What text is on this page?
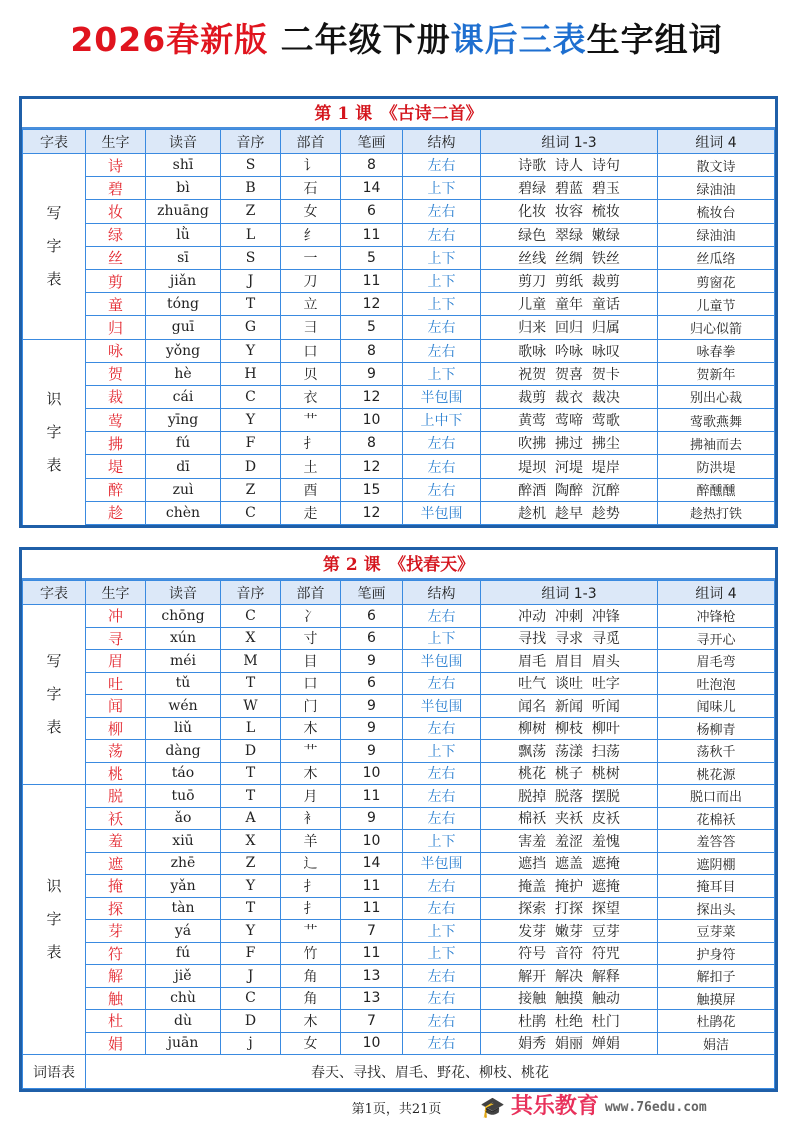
2026春新版 二年级下册课后三表生字组词
第 1 课　《古诗二首》
字表	生字	读音	音序	部首	笔画	结构	组词 1-3	组词 4

写
字
表	诗	shī	S	讠	8	左右	诗歌  诗人  诗句	散文诗
	碧	bì	B	石	14	上下	碧绿  碧蓝  碧玉	绿油油
	妆	zhuāng	Z	女	6	左右	化妆  妆容  梳妆	梳妆台
	绿	lǜ	L	纟	11	左右	绿色  翠绿  嫩绿	绿油油
	丝	sī	S	一	5	上下	丝线  丝绸  铁丝	丝瓜络
	剪	jiǎn	J	刀	11	上下	剪刀  剪纸  裁剪	剪窗花
	童	tóng	T	立	12	上下	儿童  童年  童话	儿童节
	归	guī	G	彐	5	左右	归来  回归  归属	归心似箭

识
字
表	咏	yǒng	Y	口	8	左右	歌咏  吟咏  咏叹	咏春拳
	贺	hè	H	贝	9	上下	祝贺  贺喜  贺卡	贺新年
	裁	cái	C	衣	12	半包围	裁剪  裁衣  裁决	别出心裁
	莺	yīng	Y	艹	10	上中下	黄莺  莺啼  莺歌	莺歌燕舞
	拂	fú	F	扌	8	左右	吹拂  拂过  拂尘	拂袖而去
	堤	dī	D	土	12	左右	堤坝  河堤  堤岸	防洪堤
	醉	zuì	Z	酉	15	左右	醉酒  陶醉  沉醉	醉醺醺
	趁	chèn	C	走	12	半包围	趁机  趁早  趁势	趁热打铁
第 2 课　《找春天》
字表	生字	读音	音序	部首	笔画	结构	组词 1-3	组词 4

写
字
表	冲	chōng	C	冫	6	左右	冲动  冲刺  冲锋	冲锋枪
	寻	xún	X	寸	6	上下	寻找  寻求  寻觅	寻开心
	眉	méi	M	目	9	半包围	眉毛  眉目  眉头	眉毛弯
	吐	tǔ	T	口	6	左右	吐气  谈吐  吐字	吐泡泡
	闻	wén	W	门	9	半包围	闻名  新闻  听闻	闻味儿
	柳	liǔ	L	木	9	左右	柳树  柳枝  柳叶	杨柳青
	荡	dàng	D	艹	9	上下	飘荡  荡漾  扫荡	荡秋千
	桃	táo	T	木	10	左右	桃花  桃子  桃树	桃花源

识
字
表	脱	tuō	T	月	11	左右	脱掉  脱落  摆脱	脱口而出
	袄	ǎo	A	衤	9	左右	棉袄  夹袄  皮袄	花棉袄
	羞	xiū	X	羊	10	上下	害羞  羞涩  羞愧	羞答答
	遮	zhē	Z	辶	14	半包围	遮挡  遮盖  遮掩	遮阴棚
	掩	yǎn	Y	扌	11	左右	掩盖  掩护  遮掩	掩耳目
	探	tàn	T	扌	11	左右	探索  打探  探望	探出头
	芽	yá	Y	艹	7	上下	发芽  嫩芽  豆芽	豆芽菜
	符	fú	F	竹	11	上下	符号  音符  符咒	护身符
	解	jiě	J	角	13	左右	解开  解决  解释	解扣子
	触	chù	C	角	13	左右	接触  触摸  触动	触摸屏
	杜	dù	D	木	7	左右	杜鹃  杜绝  杜门	杜鹃花
	娟	juān	j	女	10	左右	娟秀  娟丽  婵娟	娟洁
词语表	春天、寻找、眉毛、野花、柳枝、桃花							
第1页，共21页	🎓 其乐教育 www.76edu.com
